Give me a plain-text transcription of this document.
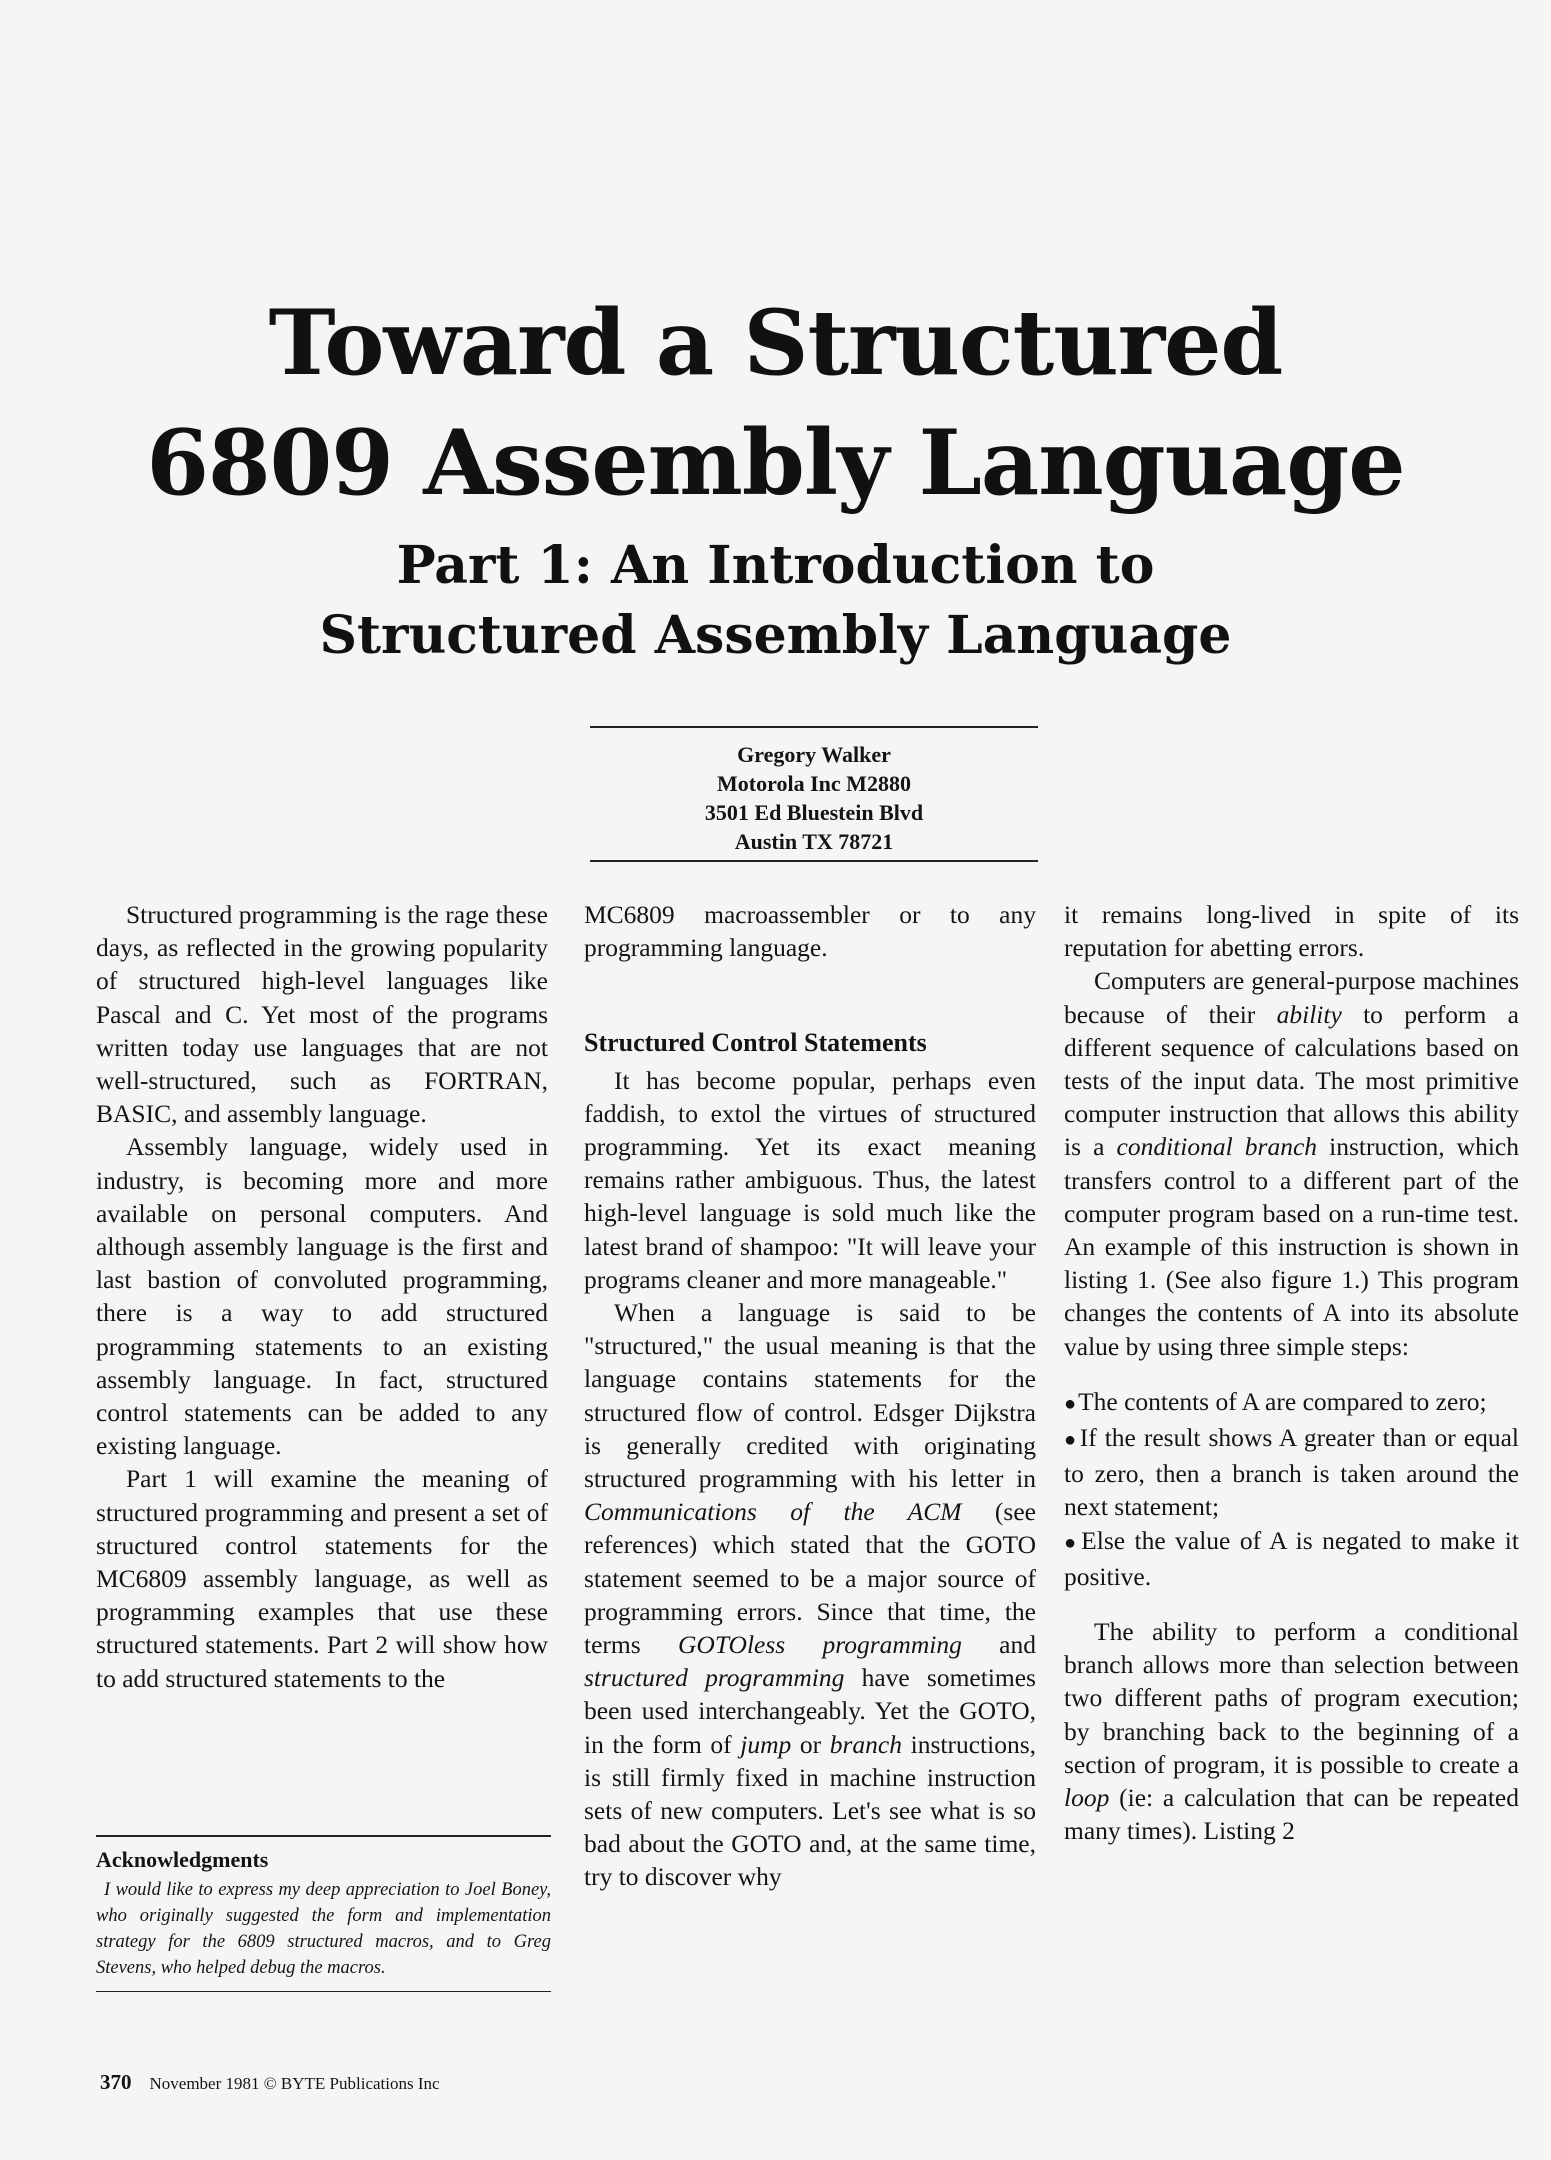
Toward a Structured
6809 Assembly Language
Part 1: An Introduction to
Structured Assembly Language
Gregory Walker
Motorola Inc M2880
3501 Ed Bluestein Blvd
Austin TX 78721

Structured programming is the rage these days, as reflected in the growing popularity of structured high-level languages like Pascal and C. Yet most of the programs written today use languages that are not well-structured, such as FORTRAN, BASIC, and assembly language.

Assembly language, widely used in industry, is becoming more and more available on personal computers. And although assembly language is the first and last bastion of convoluted programming, there is a way to add structured programming statements to an existing assembly language. In fact, structured control statements can be added to any existing language.

Part 1 will examine the meaning of structured programming and present a set of structured control statements for the MC6809 assembly language, as well as programming examples that use these structured statements. Part 2 will show how to add structured statements to the

MC6809 macroassembler or to any programming language.

Structured Control Statements

It has become popular, perhaps even faddish, to extol the virtues of structured programming. Yet its exact meaning remains rather ambiguous. Thus, the latest high-level language is sold much like the latest brand of shampoo: "It will leave your programs cleaner and more manageable."

When a language is said to be "structured," the usual meaning is that the language contains statements for the structured flow of control. Edsger Dijkstra is generally credited with originating structured programming with his letter in Communications of the ACM (see references) which stated that the GOTO statement seemed to be a major source of programming errors. Since that time, the terms GOTOless programming and structured programming have sometimes been used interchangeably. Yet the GOTO, in the form of jump or branch instructions, is still firmly fixed in machine instruction sets of new computers. Let's see what is so bad about the GOTO and, at the same time, try to discover why

it remains long-lived in spite of its reputation for abetting errors.

Computers are general-purpose machines because of their ability to perform a different sequence of calculations based on tests of the input data. The most primitive computer instruction that allows this ability is a conditional branch instruction, which transfers control to a different part of the computer program based on a run-time test. An example of this instruction is shown in listing 1. (See also figure 1.) This program changes the contents of A into its absolute value by using three simple steps:

●The contents of A are compared to zero;
●If the result shows A greater than or equal to zero, then a branch is taken around the next statement;
●Else the value of A is negated to make it positive.

The ability to perform a conditional branch allows more than selection between two different paths of program execution; by branching back to the beginning of a section of program, it is possible to create a loop (ie: a calculation that can be repeated many times). Listing 2

Acknowledgments

I would like to express my deep appreciation to Joel Boney, who originally suggested the form and implementation strategy for the 6809 structured macros, and to Greg Stevens, who helped debug the macros.

370 November 1981 © BYTE Publications Inc
